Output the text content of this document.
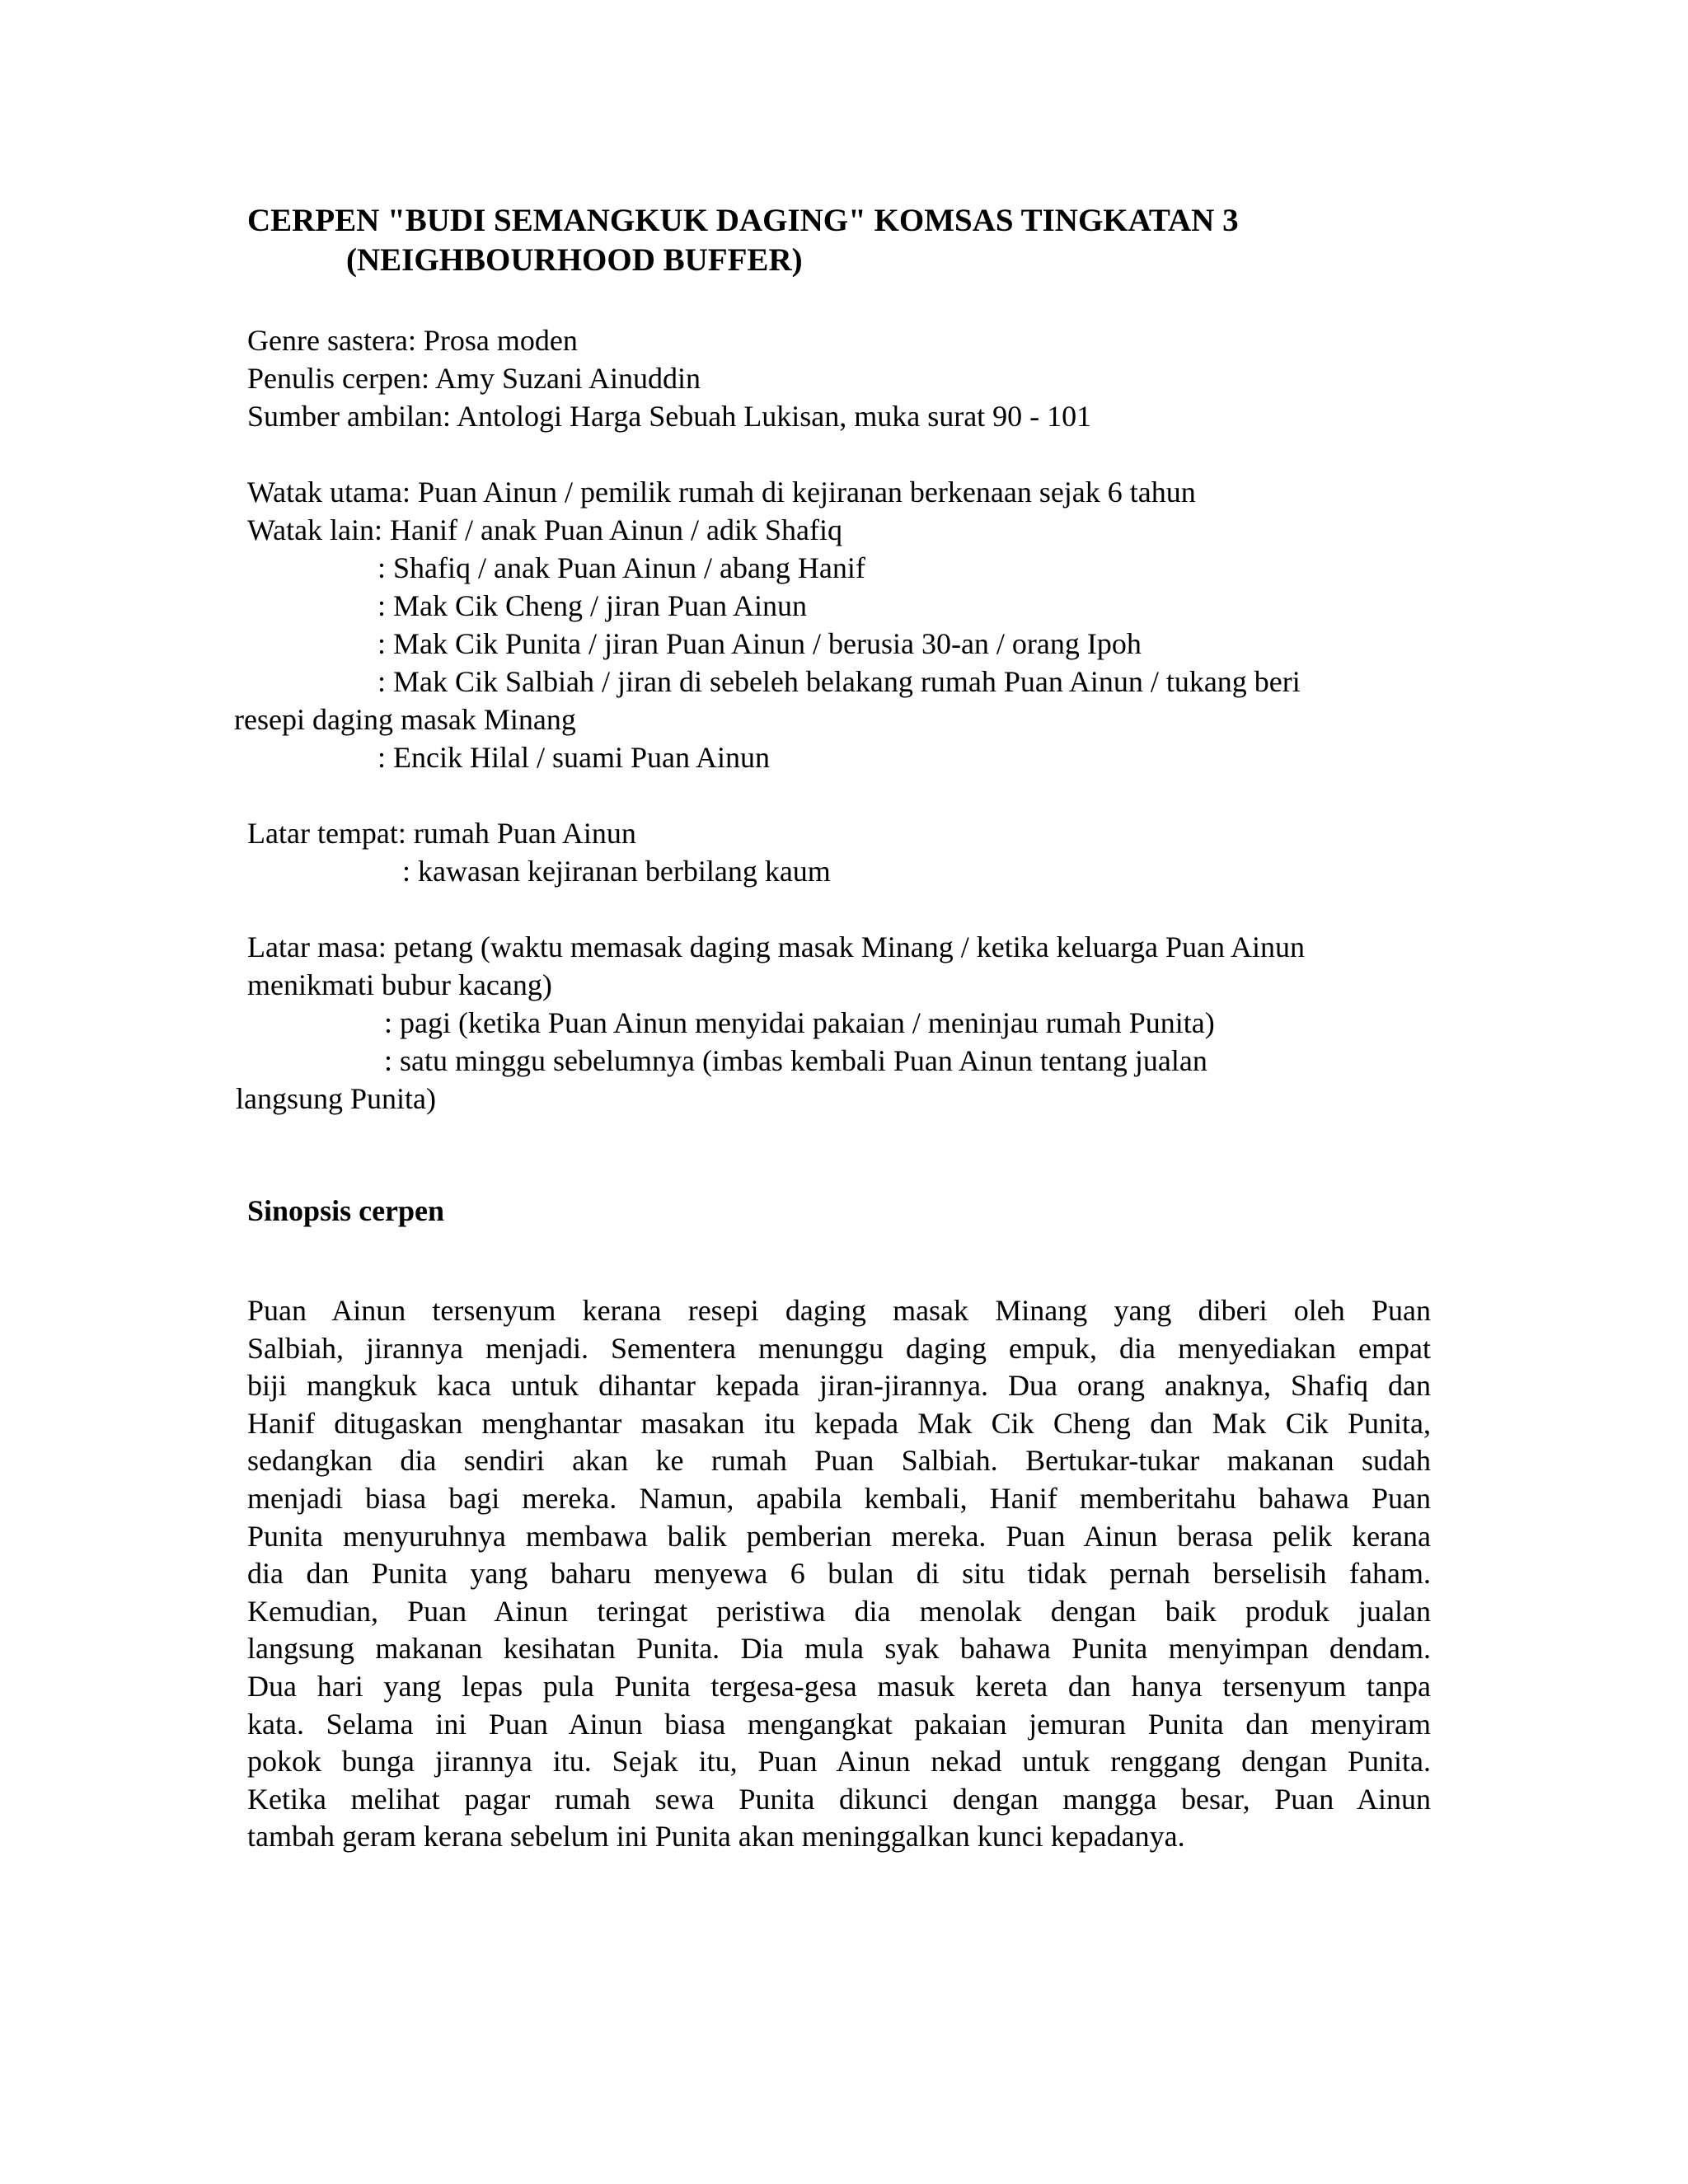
CERPEN "BUDI SEMANGKUK DAGING" KOMSAS TINGKATAN 3
(NEIGHBOURHOOD BUFFER)
Genre sastera: Prosa moden
Penulis cerpen: Amy Suzani Ainuddin
Sumber ambilan: Antologi Harga Sebuah Lukisan, muka surat 90 - 101
Watak utama: Puan Ainun / pemilik rumah di kejiranan berkenaan sejak 6 tahun
Watak lain: Hanif / anak Puan Ainun / adik Shafiq
: Shafiq / anak Puan Ainun / abang Hanif
: Mak Cik Cheng / jiran Puan Ainun
: Mak Cik Punita / jiran Puan Ainun / berusia 30-an / orang Ipoh
: Mak Cik Salbiah / jiran di sebeleh belakang rumah Puan Ainun / tukang beri
resepi daging masak Minang
: Encik Hilal / suami Puan Ainun
Latar tempat: rumah Puan Ainun
: kawasan kejiranan berbilang kaum
Latar masa: petang (waktu memasak daging masak Minang / ketika keluarga Puan Ainun
menikmati bubur kacang)
: pagi (ketika Puan Ainun menyidai pakaian / meninjau rumah Punita)
: satu minggu sebelumnya (imbas kembali Puan Ainun tentang jualan
langsung Punita)
Sinopsis cerpen
Puan Ainun tersenyum kerana resepi daging masak Minang yang diberi oleh Puan
Salbiah, jirannya menjadi. Sementera menunggu daging empuk, dia menyediakan empat
biji mangkuk kaca untuk dihantar kepada jiran-jirannya. Dua orang anaknya, Shafiq dan
Hanif ditugaskan menghantar masakan itu kepada Mak Cik Cheng dan Mak Cik Punita,
sedangkan dia sendiri akan ke rumah Puan Salbiah. Bertukar-tukar makanan sudah
menjadi biasa bagi mereka. Namun, apabila kembali, Hanif memberitahu bahawa Puan
Punita menyuruhnya membawa balik pemberian mereka. Puan Ainun berasa pelik kerana
dia dan Punita yang baharu menyewa 6 bulan di situ tidak pernah berselisih faham.
Kemudian, Puan Ainun teringat peristiwa dia menolak dengan baik produk jualan
langsung makanan kesihatan Punita. Dia mula syak bahawa Punita menyimpan dendam.
Dua hari yang lepas pula Punita tergesa-gesa masuk kereta dan hanya tersenyum tanpa
kata. Selama ini Puan Ainun biasa mengangkat pakaian jemuran Punita dan menyiram
pokok bunga jirannya itu. Sejak itu, Puan Ainun nekad untuk renggang dengan Punita.
Ketika melihat pagar rumah sewa Punita dikunci dengan mangga besar, Puan Ainun
tambah geram kerana sebelum ini Punita akan meninggalkan kunci kepadanya.
